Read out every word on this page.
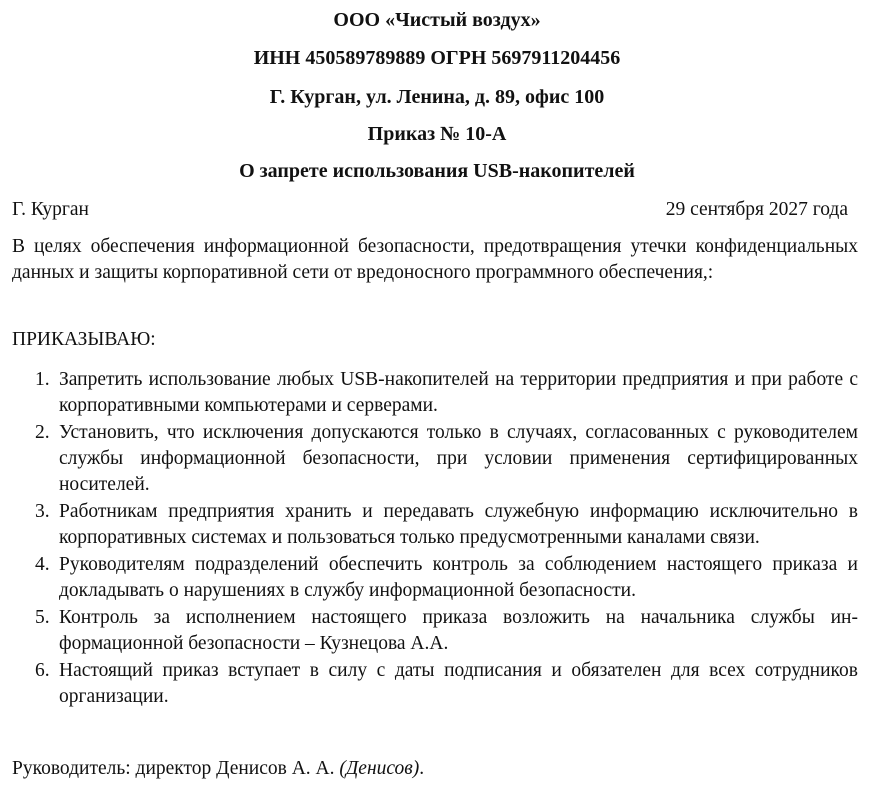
ООО «Чистый воздух»
ИНН 450589789889 ОГРН 5697911204456
Г. Курган, ул. Ленина, д. 89, офис 100
Приказ № 10-А
О запрете использования USB-накопителей
Г. Курган	29 сентября 2027 года
В целях обеспечения информационной безопасности, предотвращения утечки конфиденциальных данных и защиты корпоративной сети от вредоносного программного обеспечения,:
ПРИКАЗЫВАЮ:
1. Запретить использование любых USB-накопителей на территории предприятия и при работе с корпоративными компьютерами и серверами.
2. Установить, что исключения допускаются только в случаях, согласованных с руководителем службы информационной безопасности, при условии применения сертифицированных носителей.
3. Работникам предприятия хранить и передавать служебную информацию исключительно в корпоративных системах и пользоваться только предусмотренными каналами связи.
4. Руководителям подразделений обеспечить контроль за соблюдением настоящего приказа и докладывать о нарушениях в службу информационной безопасности.
5. Контроль за исполнением настоящего приказа возложить на начальника службы информационной безопасности – Кузнецова А.А.
6. Настоящий приказ вступает в силу с даты подписания и обязателен для всех сотрудников организации.
Руководитель: директор Денисов А. А. (Денисов).
